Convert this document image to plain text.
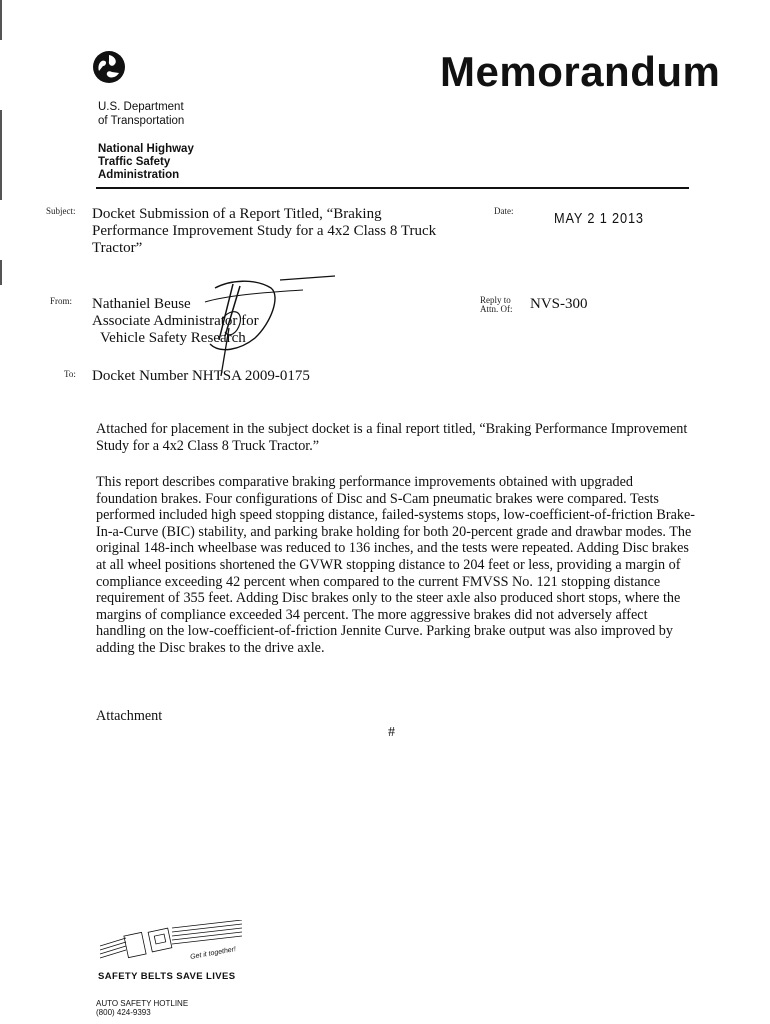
Memorandum
U.S. Department
of Transportation
National Highway
Traffic Safety
Administration
Subject: Docket Submission of a Report Titled, “Braking
Performance Improvement Study for a 4x2 Class 8 Truck
Tractor”
Date:	MAY 2 1 2013
From: Nathaniel Beuse
Associate Administrator for
Vehicle Safety Research
Reply to
Attn. Of: NVS-300
To: Docket Number NHTSA 2009-0175

Attached for placement in the subject docket is a final report titled, “Braking Performance Improvement Study for a 4x2 Class 8 Truck Tractor.”

This report describes comparative braking performance improvements obtained with upgraded foundation brakes. Four configurations of Disc and S-Cam pneumatic brakes were compared. Tests performed included high speed stopping distance, failed-systems stops, low-coefficient-of-friction Brake-In-a-Curve (BIC) stability, and parking brake holding for both 20-percent grade and drawbar modes. The original 148-inch wheelbase was reduced to 136 inches, and the tests were repeated. Adding Disc brakes at all wheel positions shortened the GVWR stopping distance to 204 feet or less, providing a margin of compliance exceeding 42 percent when compared to the current FMVSS No. 121 stopping distance requirement of 355 feet. Adding Disc brakes only to the steer axle also produced short stops, where the margins of compliance exceeded 34 percent. The more aggressive brakes did not adversely affect handling on the low-coefficient-of-friction Jennite Curve. Parking brake output was also improved by adding the Disc brakes to the drive axle.

Attachment
#
Get it together!
SAFETY BELTS SAVE LIVES
AUTO SAFETY HOTLINE
(800) 424-9393
